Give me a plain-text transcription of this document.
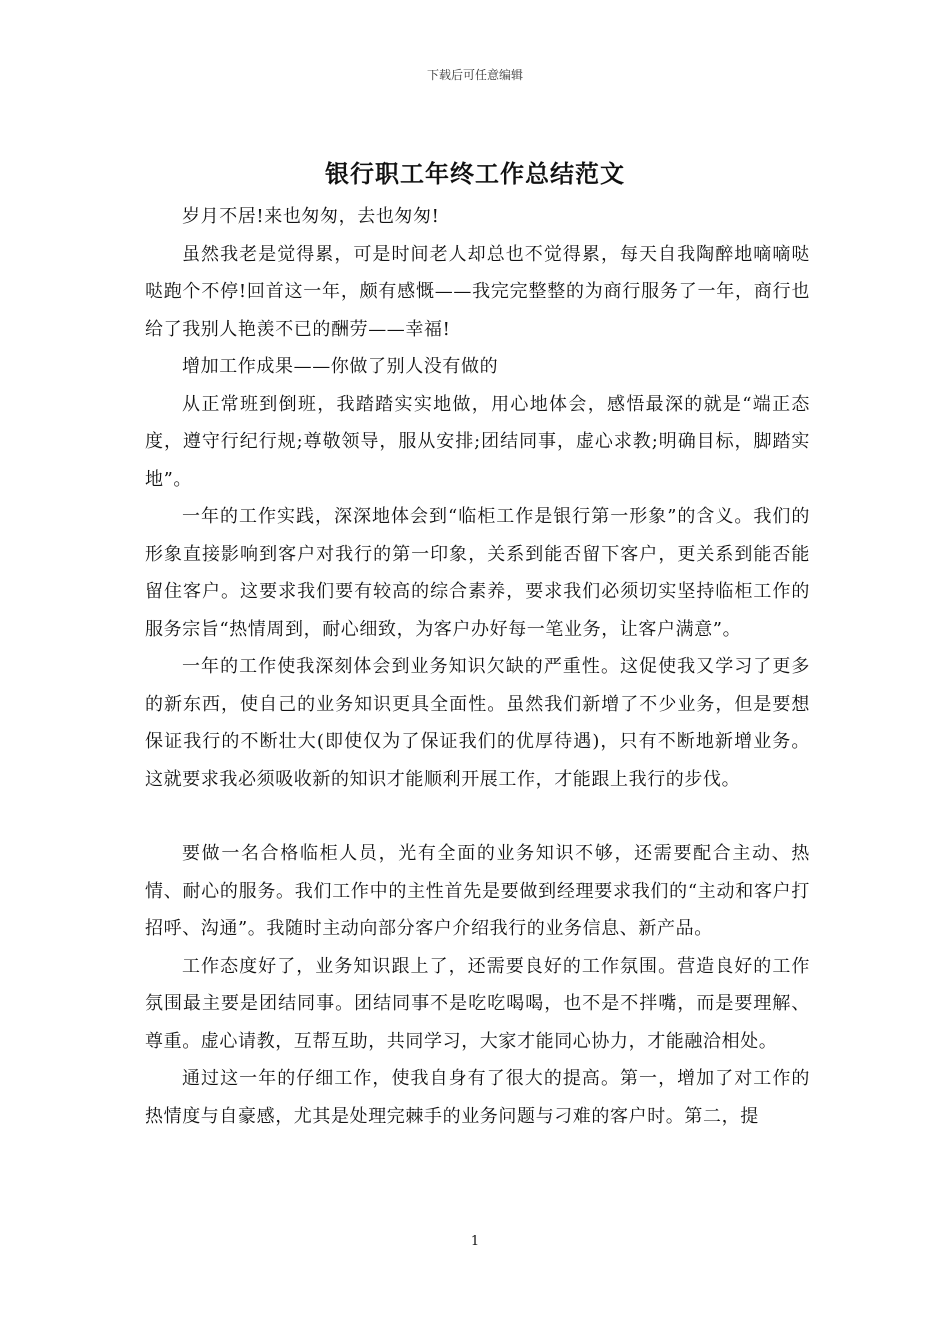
下载后可任意编辑
银行职工年终工作总结范文

岁月不居!来也匆匆，去也匆匆!

虽然我老是觉得累，可是时间老人却总也不觉得累，每天自我陶醉地嘀嘀哒哒跑个不停!回首这一年，颇有感慨——我完完整整的为商行服务了一年，商行也给了我别人艳羡不已的酬劳——幸福!

增加工作成果——你做了别人没有做的

从正常班到倒班，我踏踏实实地做，用心地体会，感悟最深的就是“端正态度，遵守行纪行规;尊敬领导，服从安排;团结同事，虚心求教;明确目标，脚踏实地”。

一年的工作实践，深深地体会到“临柜工作是银行第一形象”的含义。我们的形象直接影响到客户对我行的第一印象，关系到能否留下客户，更关系到能否能留住客户。这要求我们要有较高的综合素养，要求我们必须切实坚持临柜工作的服务宗旨“热情周到，耐心细致，为客户办好每一笔业务，让客户满意”。

一年的工作使我深刻体会到业务知识欠缺的严重性。这促使我又学习了更多的新东西，使自己的业务知识更具全面性。虽然我们新增了不少业务，但是要想保证我行的不断壮大(即使仅为了保证我们的优厚待遇)，只有不断地新增业务。这就要求我必须吸收新的知识才能顺利开展工作，才能跟上我行的步伐。

要做一名合格临柜人员，光有全面的业务知识不够，还需要配合主动、热情、耐心的服务。我们工作中的主性首先是要做到经理要求我们的“主动和客户打招呼、沟通”。我随时主动向部分客户介绍我行的业务信息、新产品。

工作态度好了，业务知识跟上了，还需要良好的工作氛围。营造良好的工作氛围最主要是团结同事。团结同事不是吃吃喝喝，也不是不拌嘴，而是要理解、尊重。虚心请教，互帮互助，共同学习，大家才能同心协力，才能融洽相处。

通过这一年的仔细工作，使我自身有了很大的提高。第一，增加了对工作的热情度与自豪感，尤其是处理完棘手的业务问题与刁难的客户时。第二，提

1
